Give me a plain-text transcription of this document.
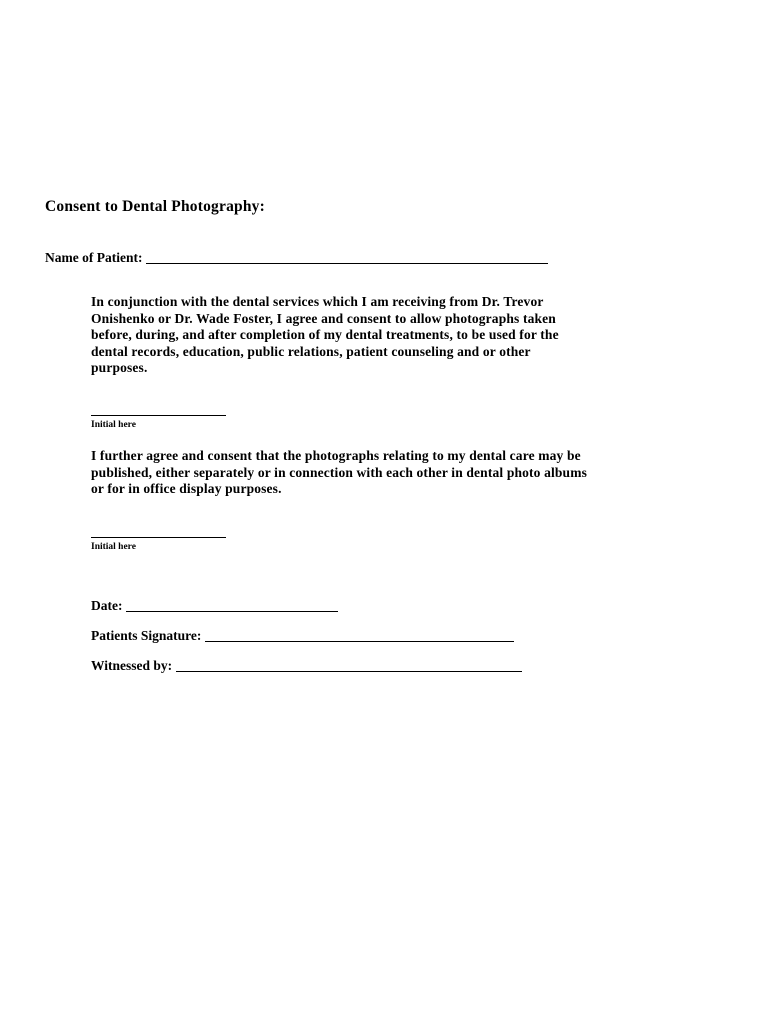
Consent to Dental Photography:
Name of Patient:
In conjunction with the dental services which I am receiving from Dr. Trevor
Onishenko or Dr. Wade Foster, I agree and consent to allow photographs taken
before, during, and after completion of my dental treatments, to be used for the
dental records, education, public relations, patient counseling and or other
purposes.
Initial here
I further agree and consent that the photographs relating to my dental care may be
published, either separately or in connection with each other in dental photo albums
or for in office display purposes.
Initial here
Date:
Patients Signature:
Witnessed by:
